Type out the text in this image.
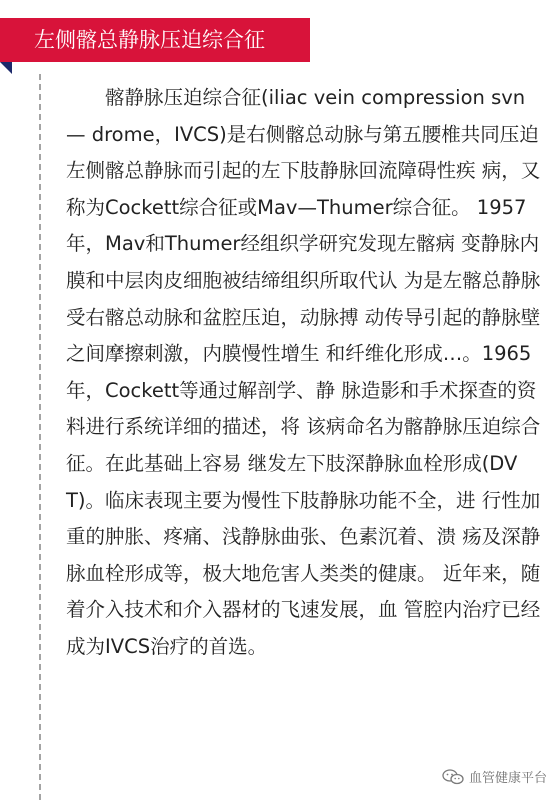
左侧髂总静脉压迫综合征

髂静脉压迫综合征(iliac vein compression svn— drome，IVCS)是右侧髂总动脉与第五腰椎共同压迫 左侧髂总静脉而引起的左下肢静脉回流障碍性疾 病，又称为Cockett综合征或Mav—Thumer综合征。 1957年，Mav和Thumer经组织学研究发现左髂病 变静脉内膜和中层肉皮细胞被结缔组织所取代认 为是左髂总静脉受右髂总动脉和盆腔压迫，动脉搏 动传导引起的静脉壁之间摩擦刺激，内膜慢性增生 和纤维化形成…。1965年，Cockett等通过解剖学、静 脉造影和手术探查的资料进行系统详细的描述，将 该病命名为髂静脉压迫综合征。在此基础上容易 继发左下肢深静脉血栓形成(DVT)。临床表现主要为慢性下肢静脉功能不全，进 行性加重的肿胀、疼痛、浅静脉曲张、色素沉着、溃 疡及深静脉血栓形成等，极大地危害人类类的健康。 近年来，随着介入技术和介入器材的飞速发展，血 管腔内治疗已经成为IVCS治疗的首选。

血管健康平台
